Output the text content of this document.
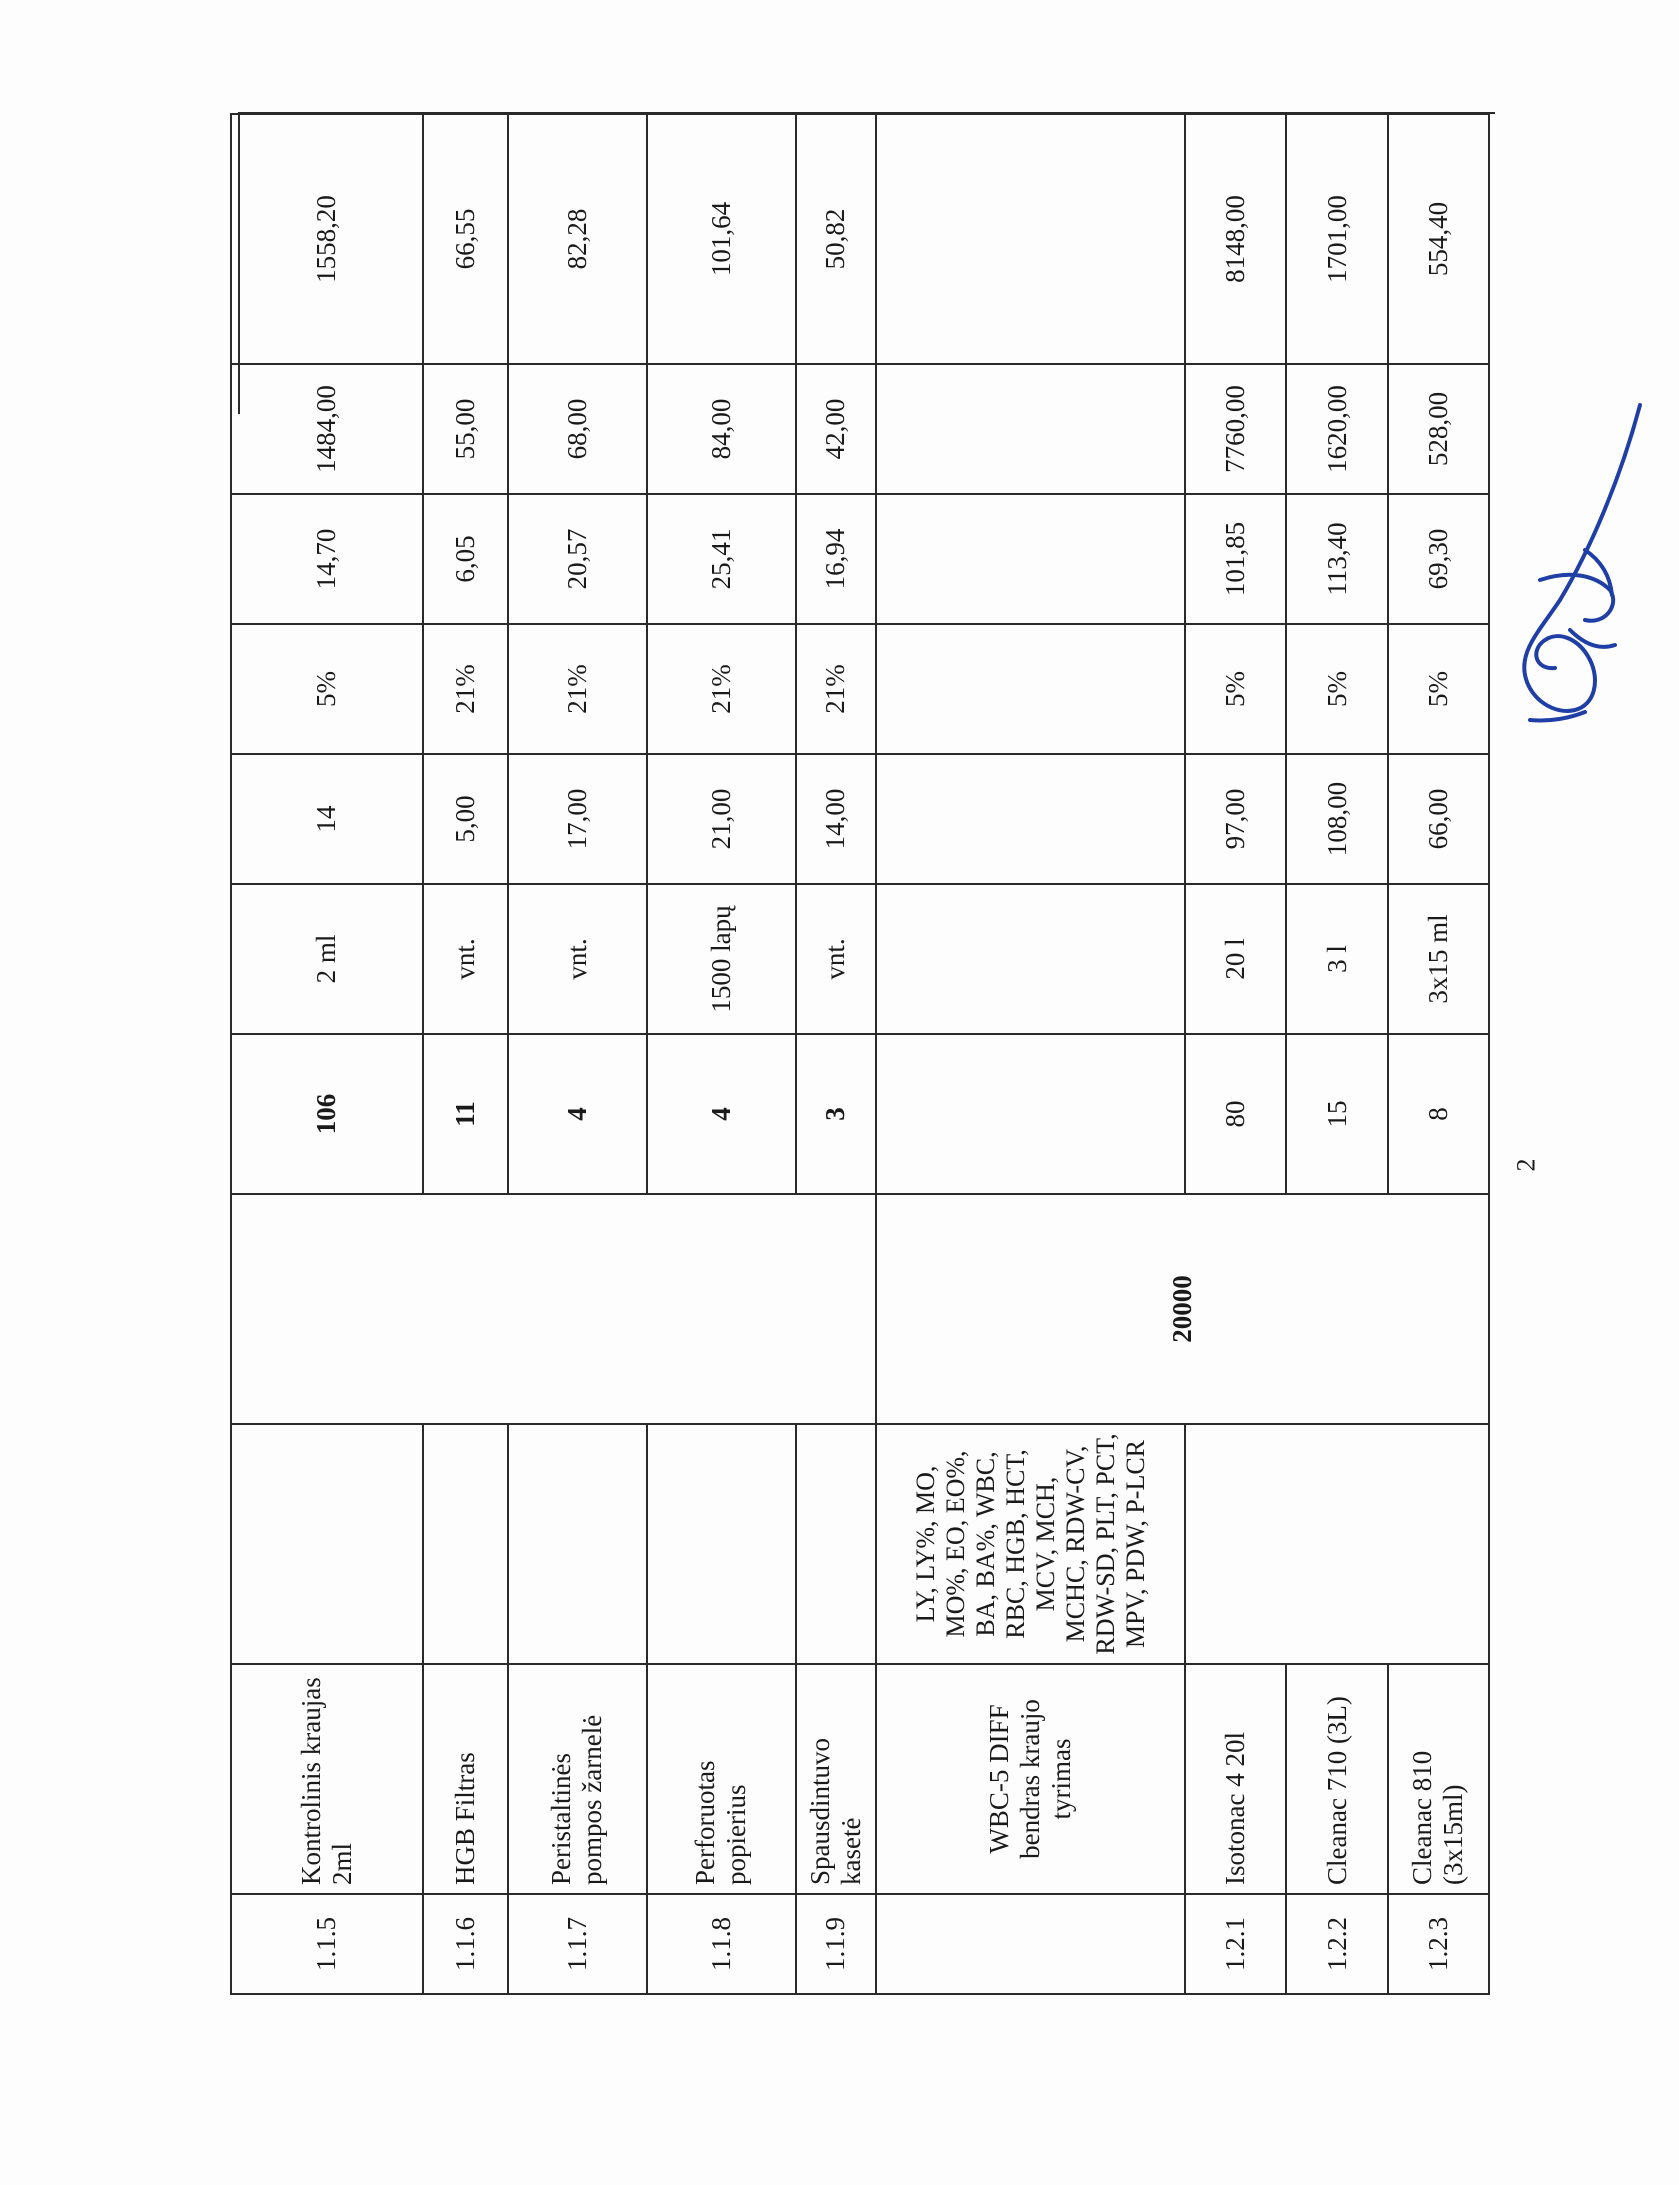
1.1.5	Kontrolinis kraujas 2ml			106	2 ml	14	5%	14,70	1484,00	1558,20
1.1.6	HGB Filtras			11	vnt.	5,00	21%	6,05	55,00	66,55
1.1.7	Peristaltinės pompos žarnelė			4	vnt.	17,00	21%	20,57	68,00	82,28
1.1.8	Perforuotas popierius			4	1500 lapų	21,00	21%	25,41	84,00	101,64
1.1.9	Spausdintuvo kasetė			3	vnt.	14,00	21%	16,94	42,00	50,82
	WBC-5 DIFF bendras kraujo tyrimas	LY, LY%, MO, MO%, EO, EO%, BA, BA%, WBC, RBC, HGB, HCT, MCV, MCH, MCHC, RDW-CV, RDW-SD, PLT, PCT, MPV, PDW, P-LCR	20000							
1.2.1	Isotonac 4 20l			80	20 l	97,00	5%	101,85	7760,00	8148,00
1.2.2	Cleanac 710 (3L)			15	3 l	108,00	5%	113,40	1620,00	1701,00
1.2.3	Cleanac 810 (3x15ml)			8	3x15 ml	66,00	5%	69,30	528,00	554,40
2
